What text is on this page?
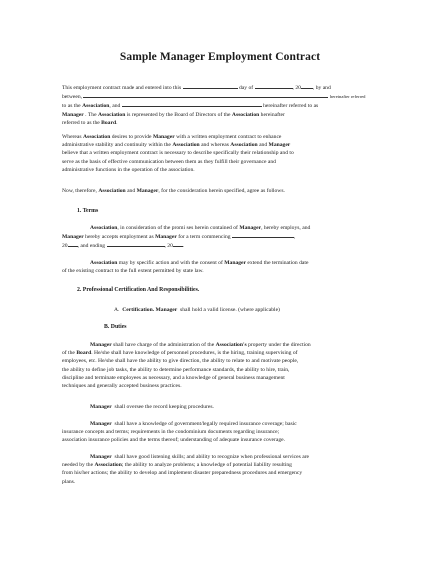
Sample Manager Employment Contract
This employment contract made and entered into this	day of	, 20 , by and
between,	hereinafter referred
to as the Association, and	hereinafter referred to as
Manager . The Association is represented by the Board of Directors of the Association hereinafter
referred to as the Board.
Whereas Association desires to provide Manager with a written employment contract to enhance
administrative stability and continuity within the Association and whereas Association and Manager
believe that a written employment contract is necessary to describe specifically their relationship and to
serve as the basis of effective communication between them as they fulfill their governance and
administrative functions in the operation of the association.
Now, therefore, Association and Manager, for the consideration herein specified, agree as follows.
1. Terms
Association, in consideration of the promi ses herein contained of Manager, hereby employs, and
Manager hereby accepts employment as Manager for a term commencing	,
20 , and ending	, 20 .
Association may by specific action and with the consent of Manager extend the termination date
of the existing contract to the full extent permitted by state law.
2. Professional Certification And Responsibilities.
A. Certification. Manager shall hold a valid license. (where applicable)
B. Duties
Manager shall have charge of the administration of the Association's property under the direction
of the Board. He/she shall have knowledge of personnel procedures, is the hiring, training supervising of
employees, etc. He/she shall have the ability to give direction, the ability to relate to and motivate people,
the ability to define job tasks, the ability to determine performance standards, the ability to hire, train,
discipline and terminate employees as necessary, and a knowledge of general business management
techniques and generally accepted business practices.
Manager shall oversee the record keeping procedures.
Manager shall have a knowledge of government/legally required insurance coverage; basic
insurance concepts and terms; requirements in the condominium documents regarding insurance;
association insurance policies and the terms thereof; understanding of adequate insurance coverage.
Manager shall have good listening skills; and ability to recognize when professional services are
needed by the Association; the ability to analyze problems; a knowledge of potential liability resulting
from his/her actions; the ability to develop and implement disaster preparedness procedures and emergency
plans.
